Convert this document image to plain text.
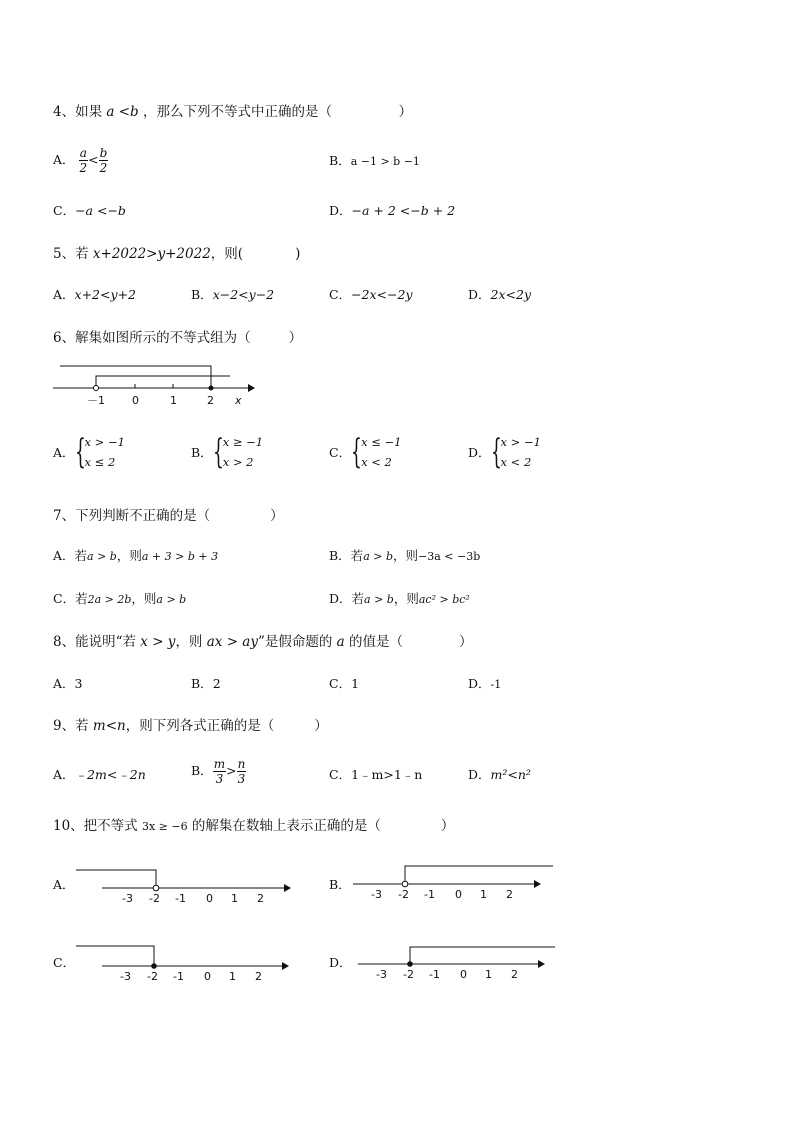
4、如果 a <b ，那么下列不等式中正确的是（	）
A． $\frac{a}{2} < \frac{b}{2}$	B．a −1 > b −1
C．−a <−b	D．−a + 2 <−b + 2
5、若 x+2022>y+2022，则(	)
A．x+2<y+2	B．x−2<y−2	C．−2x<−2y	D．2x<2y
6、解集如图所示的不等式组为（	）
－1 0	1	2 x
A． { x > −1
x ≤ 2
B． { x ≥ −1
x > 2
C． { x ≤ −1
x < 2
D． { x > −1
x < 2
7、下列判断不正确的是（	）
A．若a > b，则a + 3 > b + 3	B．若a > b，则−3a < −3b
C．若2a > 2b，则a > b	D．若a > b，则ac² > bc²
8、能说明“若 x > y，则 ax > ay”是假命题的 a 的值是（	）
A．3	B．2	C．1	D．-1
9、若 m<n，则下列各式正确的是（	）
A．﹣2m<﹣2n	B． $\frac{m}{3} > \frac{n}{3}$	C．1﹣m>1﹣n	D．m²<n²
10、把不等式 3x ≥ −6 的解集在数轴上表示正确的是（	）
A．
-3 -2 -1 0 1 2
B．
-3 -2 -1 0 1 2
C．
-3 -2 -1 0 1 2
D．
-3 -2 -1 0 1 2
